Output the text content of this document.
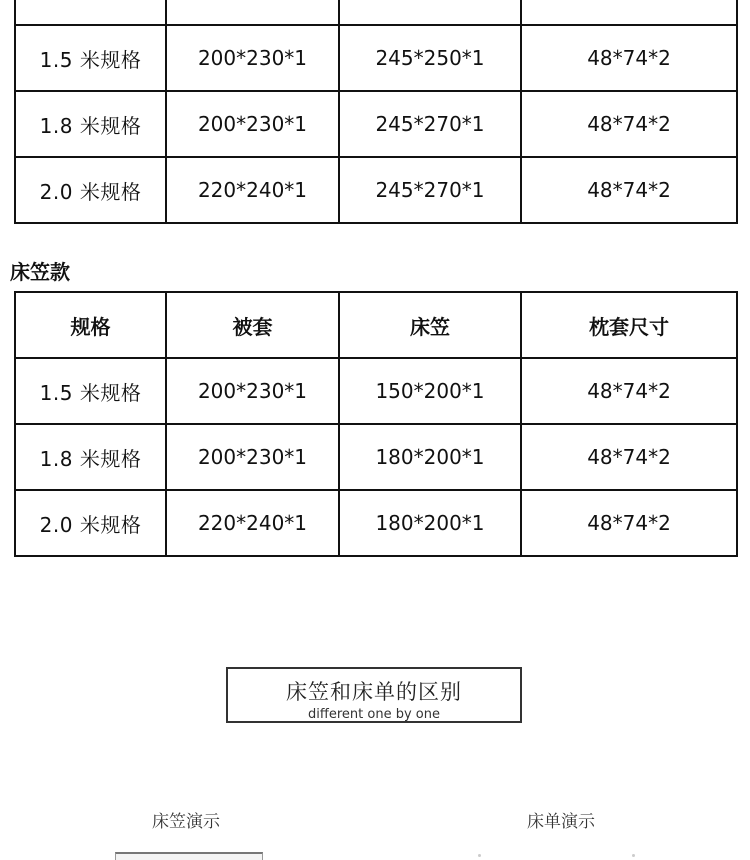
1.5 米规格	200*230*1	245*250*1	48*74*2
1.8 米规格	200*230*1	245*270*1	48*74*2
2.0 米规格	220*240*1	245*270*1	48*74*2
床笠款
规格	被套	床笠	枕套尺寸
1.5 米规格	200*230*1	150*200*1	48*74*2
1.8 米规格	200*230*1	180*200*1	48*74*2
2.0 米规格	220*240*1	180*200*1	48*74*2
床笠和床单的区别
different one by one
床笠演示	床单演示
